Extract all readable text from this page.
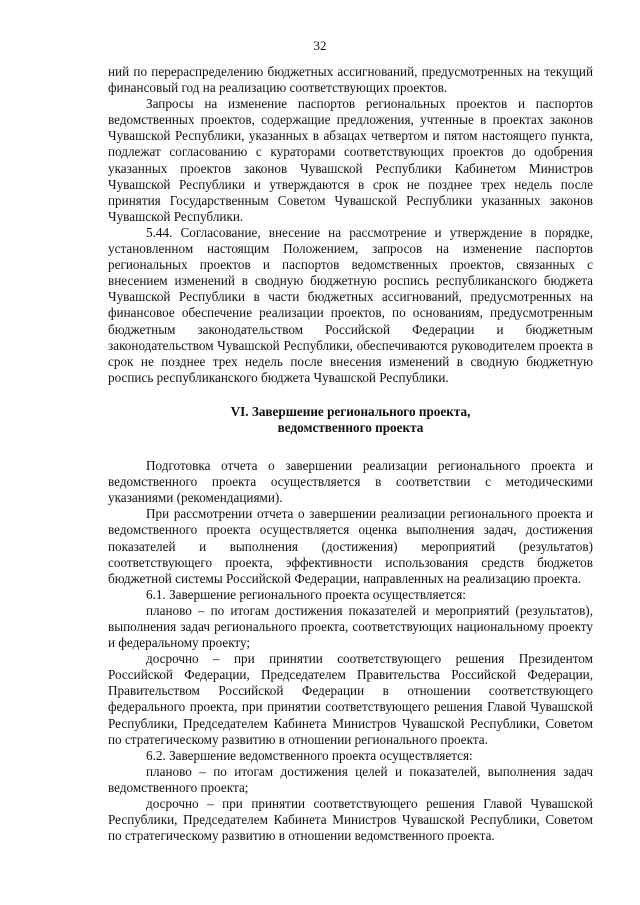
32

ний по перераспределению бюджетных ассигнований, предусмотренных на текущий финансовый год на реализацию соответствующих проектов.

Запросы на изменение паспортов региональных проектов и паспортов ведомственных проектов, содержащие предложения, учтенные в проектах законов Чувашской Республики, указанных в абзацах четвертом и пятом настоящего пункта, подлежат согласованию с кураторами соответствующих проектов до одобрения указанных проектов законов Чувашской Республики Кабинетом Министров Чувашской Республики и утверждаются в срок не позднее трех недель после принятия Государственным Советом Чувашской Республики указанных законов Чувашской Республики.

5.44. Согласование, внесение на рассмотрение и утверждение в порядке, установленном настоящим Положением, запросов на изменение паспортов региональных проектов и паспортов ведомственных проектов, связанных с внесением изменений в сводную бюджетную роспись республиканского бюджета Чувашской Республики в части бюджетных ассигнований, предусмотренных на финансовое обеспечение реализации проектов, по основаниям, предусмотренным бюджетным законодательством Российской Федерации и бюджетным законодательством Чувашской Республики, обеспечиваются руководителем проекта в срок не позднее трех недель после внесения изменений в сводную бюджетную роспись республиканского бюджета Чувашской Республики.

VI. Завершение регионального проекта,
ведомственного проекта

Подготовка отчета о завершении реализации регионального проекта и ведомственного проекта осуществляется в соответствии с методическими указаниями (рекомендациями).

При рассмотрении отчета о завершении реализации регионального проекта и ведомственного проекта осуществляется оценка выполнения задач, достижения показателей и выполнения (достижения) мероприятий (результатов) соответствующего проекта, эффективности использования средств бюджетов бюджетной системы Российской Федерации, направленных на реализацию проекта.

6.1. Завершение регионального проекта осуществляется:

планово – по итогам достижения показателей и мероприятий (результатов), выполнения задач регионального проекта, соответствующих национальному проекту и федеральному проекту;

досрочно – при принятии соответствующего решения Президентом Российской Федерации, Председателем Правительства Российской Федерации, Правительством Российской Федерации в отношении соответствующего федерального проекта, при принятии соответствующего решения Главой Чувашской Республики, Председателем Кабинета Министров Чувашской Республики, Советом по стратегическому развитию в отношении регионального проекта.

6.2. Завершение ведомственного проекта осуществляется:

планово – по итогам достижения целей и показателей, выполнения задач ведомственного проекта;

досрочно – при принятии соответствующего решения Главой Чувашской Республики, Председателем Кабинета Министров Чувашской Республики, Советом по стратегическому развитию в отношении ведомственного проекта.
